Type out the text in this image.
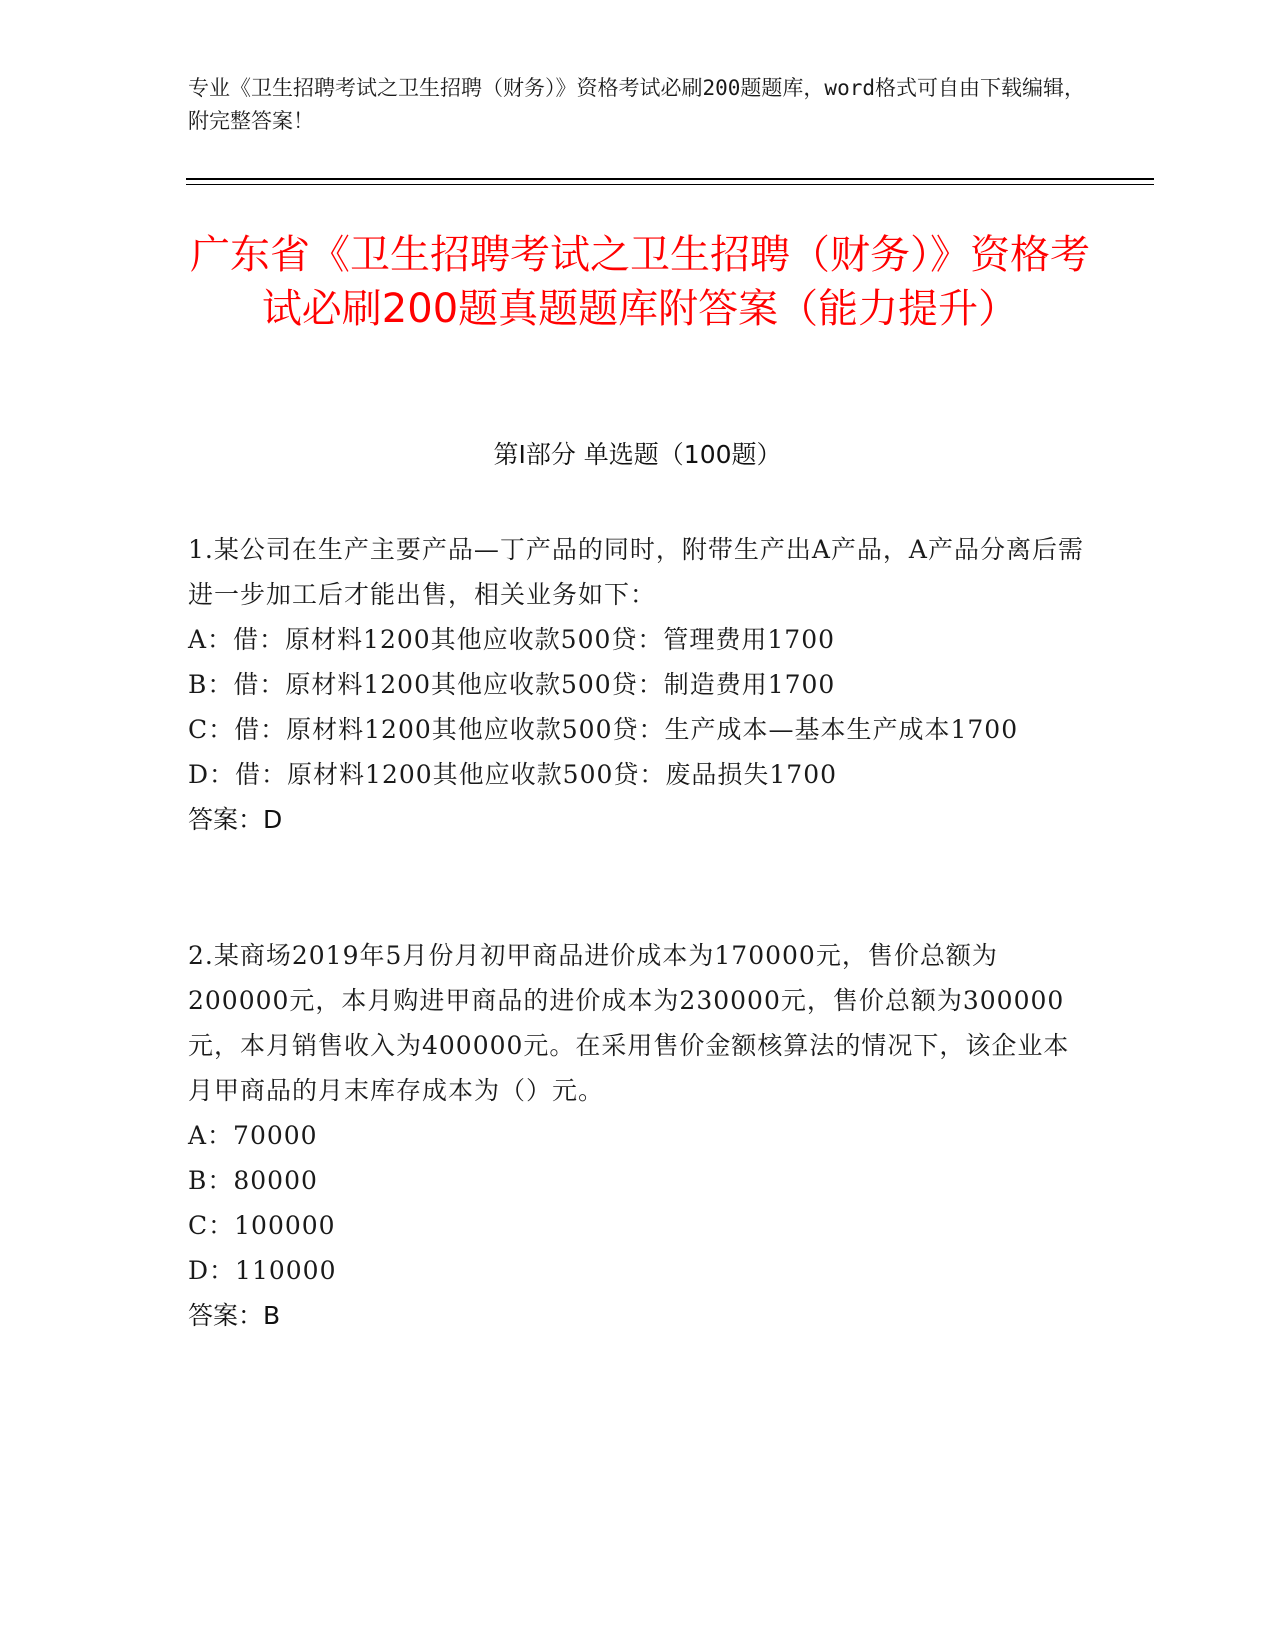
专业《卫生招聘考试之卫生招聘（财务）》资格考试必刷200题题库，word格式可自由下载编辑，附完整答案！
广东省《卫生招聘考试之卫生招聘（财务）》资格考试必刷200题真题题库附答案（能力提升）
第Ⅰ部分 单选题（100题）
1.某公司在生产主要产品—丁产品的同时，附带生产出A产品，A产品分离后需进一步加工后才能出售，相关业务如下：
A：借：原材料1200其他应收款500贷：管理费用1700
B：借：原材料1200其他应收款500贷：制造费用1700
C：借：原材料1200其他应收款500贷：生产成本—基本生产成本1700
D：借：原材料1200其他应收款500贷：废品损失1700
答案：D
2.某商场2019年5月份月初甲商品进价成本为170000元，售价总额为200000元，本月购进甲商品的进价成本为230000元，售价总额为300000元，本月销售收入为400000元。在采用售价金额核算法的情况下，该企业本月甲商品的月末库存成本为（）元。
A：70000
B：80000
C：100000
D：110000
答案：B
